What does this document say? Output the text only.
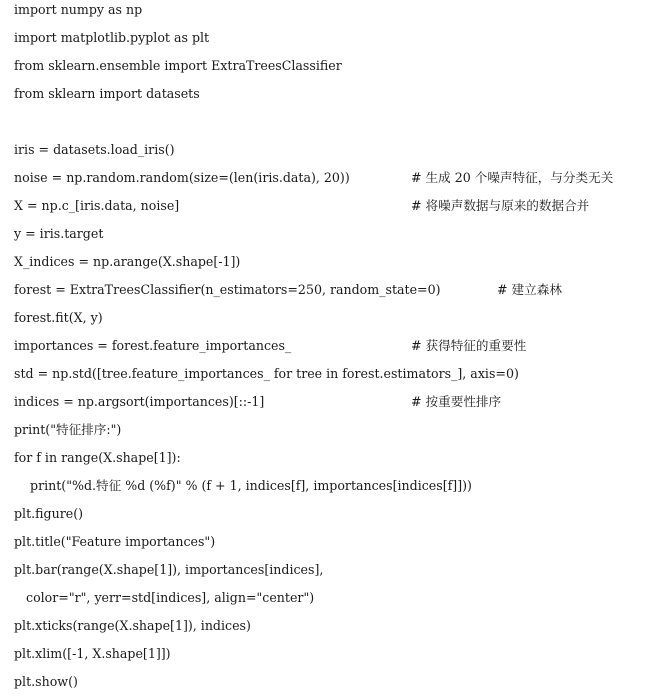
import numpy as np
import matplotlib.pyplot as plt
from sklearn.ensemble import ExtraTreesClassifier
from sklearn import datasets
iris = datasets.load_iris()
noise = np.random.random(size=(len(iris.data), 20))	# 生成 20 个噪声特征，与分类无关
X = np.c_[iris.data, noise]	# 将噪声数据与原来的数据合并
y = iris.target
X_indices = np.arange(X.shape[-1])
forest = ExtraTreesClassifier(n_estimators=250, random_state=0)	# 建立森林
forest.fit(X, y)
importances = forest.feature_importances_	# 获得特征的重要性
std = np.std([tree.feature_importances_ for tree in forest.estimators_], axis=0)
indices = np.argsort(importances)[::-1]	# 按重要性排序
print("特征排序:")
for f in range(X.shape[1]):
print("%d.特征 %d (%f)" % (f + 1, indices[f], importances[indices[f]]))
plt.figure()
plt.title("Feature importances")
plt.bar(range(X.shape[1]), importances[indices],
color="r", yerr=std[indices], align="center")
plt.xticks(range(X.shape[1]), indices)
plt.xlim([-1, X.shape[1]])
plt.show()
